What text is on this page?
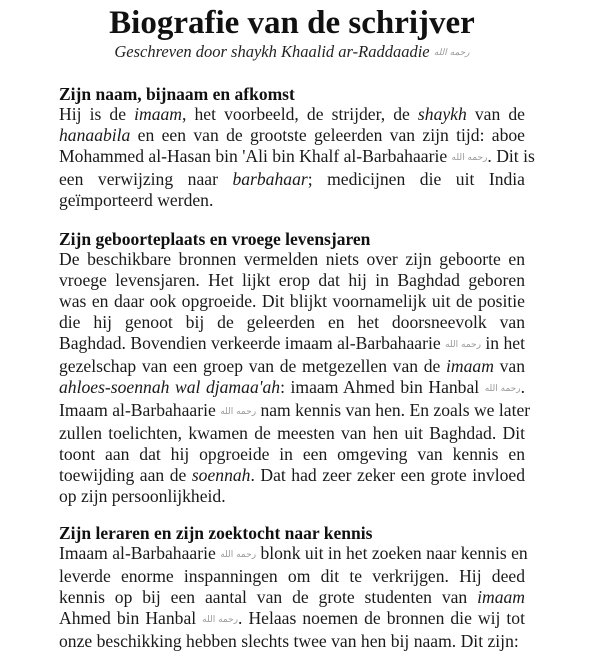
Biografie van de schrijver

Geschreven door shaykh Khaalid ar-Raddaadie رحمه الله

Zijn naam, bijnaam en afkomst
Hij is de imaam, het voorbeeld, de strijder, de shaykh van de
hanaabila en een van de grootste geleerden van zijn tijd: aboe
Mohammed al-Hasan bin 'Ali bin Khalf al-Barbahaarie رحمه الله. Dit is
een verwijzing naar barbahaar; medicijnen die uit India
geïmporteerd werden.
Zijn geboorteplaats en vroege levensjaren
De beschikbare bronnen vermelden niets over zijn geboorte en
vroege levensjaren. Het lijkt erop dat hij in Baghdad geboren
was en daar ook opgroeide. Dit blijkt voornamelijk uit de positie
die hij genoot bij de geleerden en het doorsneevolk van
Baghdad. Bovendien verkeerde imaam al-Barbahaarie رحمه الله in het
gezelschap van een groep van de metgezellen van de imaam van
ahloes-soennah wal djamaa'ah: imaam Ahmed bin Hanbal رحمه الله.
Imaam al-Barbahaarie رحمه الله nam kennis van hen. En zoals we later
zullen toelichten, kwamen de meesten van hen uit Baghdad. Dit
toont aan dat hij opgroeide in een omgeving van kennis en
toewijding aan de soennah. Dat had zeer zeker een grote invloed
op zijn persoonlijkheid.
Zijn leraren en zijn zoektocht naar kennis
Imaam al-Barbahaarie رحمه الله blonk uit in het zoeken naar kennis en
leverde enorme inspanningen om dit te verkrijgen. Hij deed
kennis op bij een aantal van de grote studenten van imaam
Ahmed bin Hanbal رحمه الله. Helaas noemen de bronnen die wij tot
onze beschikking hebben slechts twee van hen bij naam. Dit zijn:
